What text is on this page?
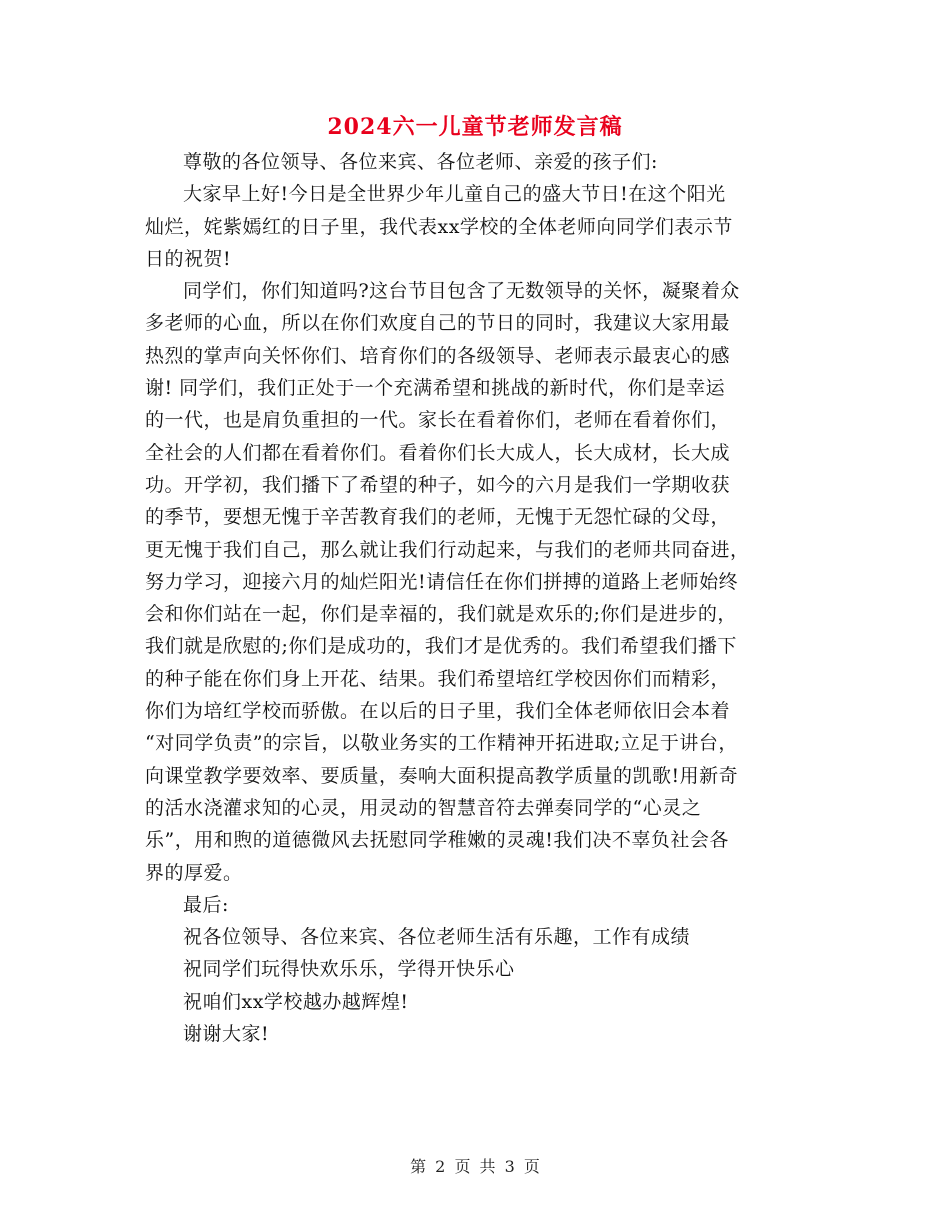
2024六一儿童节老师发言稿

尊敬的各位领导、各位来宾、各位老师、亲爱的孩子们:

大家早上好!今日是全世界少年儿童自己的盛大节日!在这个阳光
灿烂，姹紫嫣红的日子里，我代表xx学校的全体老师向同学们表示节
日的祝贺!

同学们，你们知道吗?这台节目包含了无数领导的关怀，凝聚着众
多老师的心血，所以在你们欢度自己的节日的同时，我建议大家用最
热烈的掌声向关怀你们、培育你们的各级领导、老师表示最衷心的感
谢! 同学们，我们正处于一个充满希望和挑战的新时代，你们是幸运
的一代，也是肩负重担的一代。家长在看着你们，老师在看着你们，
全社会的人们都在看着你们。看着你们长大成人，长大成材，长大成
功。开学初，我们播下了希望的种子，如今的六月是我们一学期收获
的季节，要想无愧于辛苦教育我们的老师，无愧于无怨忙碌的父母，
更无愧于我们自己，那么就让我们行动起来，与我们的老师共同奋进，
努力学习，迎接六月的灿烂阳光!请信任在你们拼搏的道路上老师始终
会和你们站在一起，你们是幸福的，我们就是欢乐的;你们是进步的，
我们就是欣慰的;你们是成功的，我们才是优秀的。我们希望我们播下
的种子能在你们身上开花、结果。我们希望培红学校因你们而精彩，
你们为培红学校而骄傲。在以后的日子里，我们全体老师依旧会本着
“对同学负责”的宗旨，以敬业务实的工作精神开拓进取;立足于讲台，
向课堂教学要效率、要质量，奏响大面积提高教学质量的凯歌!用新奇
的活水浇灌求知的心灵，用灵动的智慧音符去弹奏同学的“心灵之
乐”，用和煦的道德微风去抚慰同学稚嫩的灵魂!我们决不辜负社会各
界的厚爱。

最后:
祝各位领导、各位来宾、各位老师生活有乐趣，工作有成绩
祝同学们玩得快欢乐乐，学得开快乐心
祝咱们xx学校越办越辉煌!
谢谢大家!

第 2 页 共 3 页
